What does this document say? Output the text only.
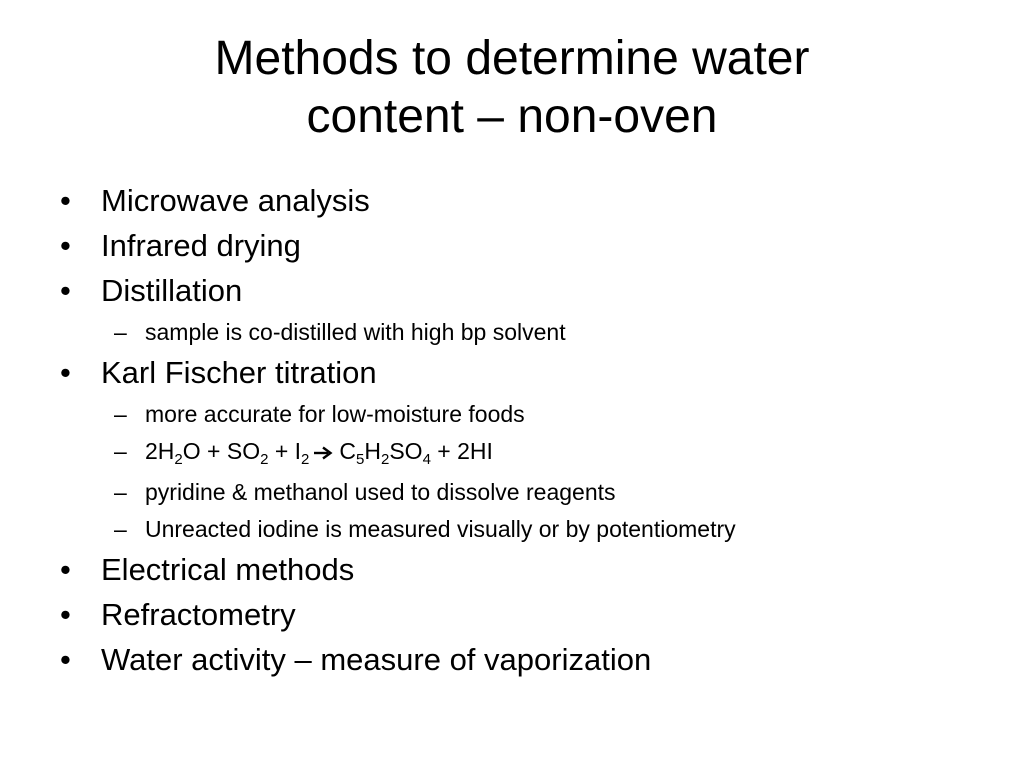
Methods to determine water
content – non-oven
• Microwave analysis
• Infrared drying
• Distillation
– sample is co-distilled with high bp solvent
• Karl Fischer titration
– more accurate for low-moisture foods
– $2H_2O + SO_2 + I_2$ $C_5H_2SO_4 + 2HI$
– pyridine & methanol used to dissolve reagents
– Unreacted iodine is measured visually or by potentiometry
• Electrical methods
• Refractometry
• Water activity – measure of vaporization
